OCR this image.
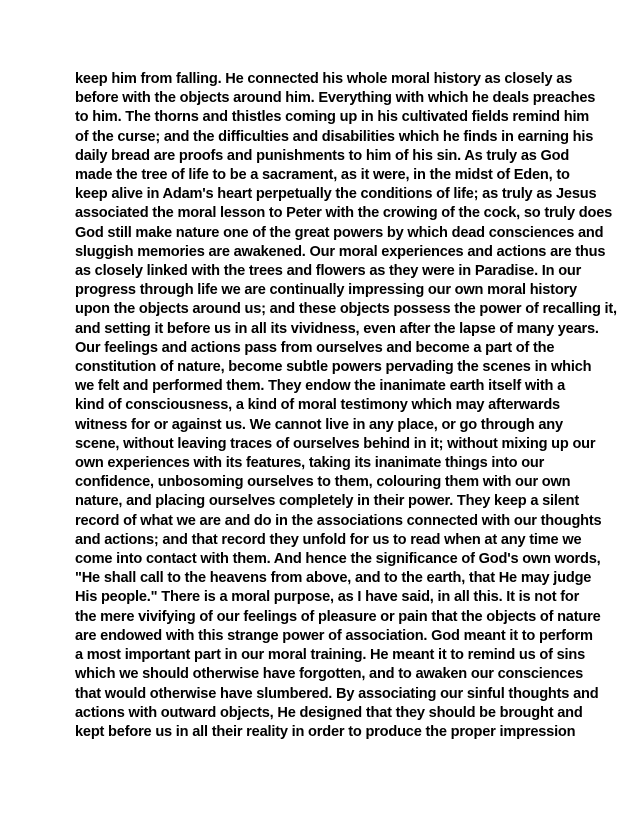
keep him from falling. He connected his whole moral history as closely as
before with the objects around him. Everything with which he deals preaches
to him. The thorns and thistles coming up in his cultivated fields remind him
of the curse; and the difficulties and disabilities which he finds in earning his
daily bread are proofs and punishments to him of his sin. As truly as God
made the tree of life to be a sacrament, as it were, in the midst of Eden, to
keep alive in Adam's heart perpetually the conditions of life; as truly as Jesus
associated the moral lesson to Peter with the crowing of the cock, so truly does
God still make nature one of the great powers by which dead consciences and
sluggish memories are awakened. Our moral experiences and actions are thus
as closely linked with the trees and flowers as they were in Paradise. In our
progress through life we are continually impressing our own moral history
upon the objects around us; and these objects possess the power of recalling it,
and setting it before us in all its vividness, even after the lapse of many years.
Our feelings and actions pass from ourselves and become a part of the
constitution of nature, become subtle powers pervading the scenes in which
we felt and performed them. They endow the inanimate earth itself with a
kind of consciousness, a kind of moral testimony which may afterwards
witness for or against us. We cannot live in any place, or go through any
scene, without leaving traces of ourselves behind in it; without mixing up our
own experiences with its features, taking its inanimate things into our
confidence, unbosoming ourselves to them, colouring them with our own
nature, and placing ourselves completely in their power. They keep a silent
record of what we are and do in the associations connected with our thoughts
and actions; and that record they unfold for us to read when at any time we
come into contact with them. And hence the significance of God's own words,
"He shall call to the heavens from above, and to the earth, that He may judge
His people." There is a moral purpose, as I have said, in all this. It is not for
the mere vivifying of our feelings of pleasure or pain that the objects of nature
are endowed with this strange power of association. God meant it to perform
a most important part in our moral training. He meant it to remind us of sins
which we should otherwise have forgotten, and to awaken our consciences
that would otherwise have slumbered. By associating our sinful thoughts and
actions with outward objects, He designed that they should be brought and
kept before us in all their reality in order to produce the proper impression
